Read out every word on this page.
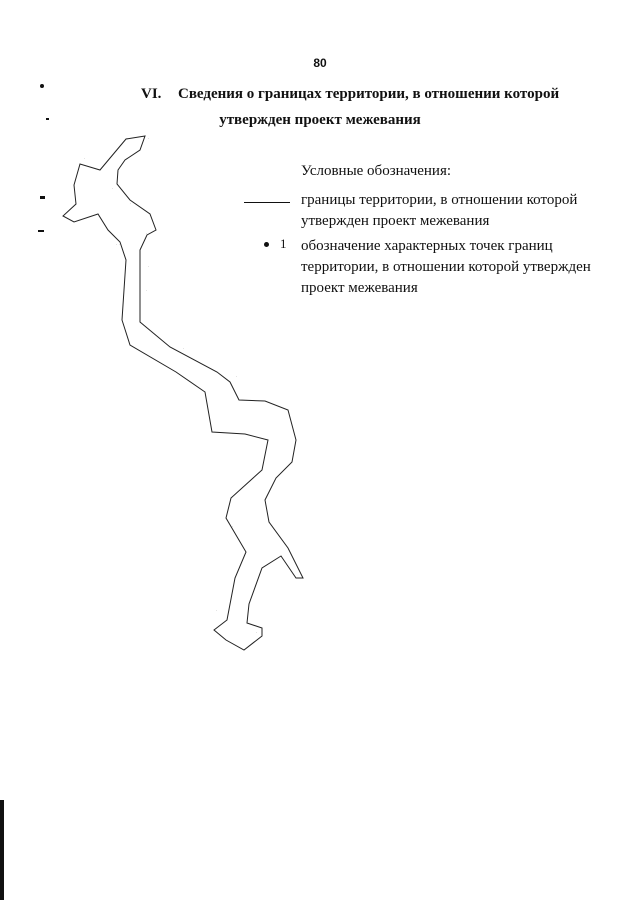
80
VI. Сведения о границах территории, в отношении которой
утвержден проект межевания
·
·
·
·
·
· ·
·
·
·
·
·
·
·
Условные обозначения:
границы территории, в отношении которой утвержден проект межевания
1 обозначение характерных точек границ территории, в отношении которой утвержден проект межевания
